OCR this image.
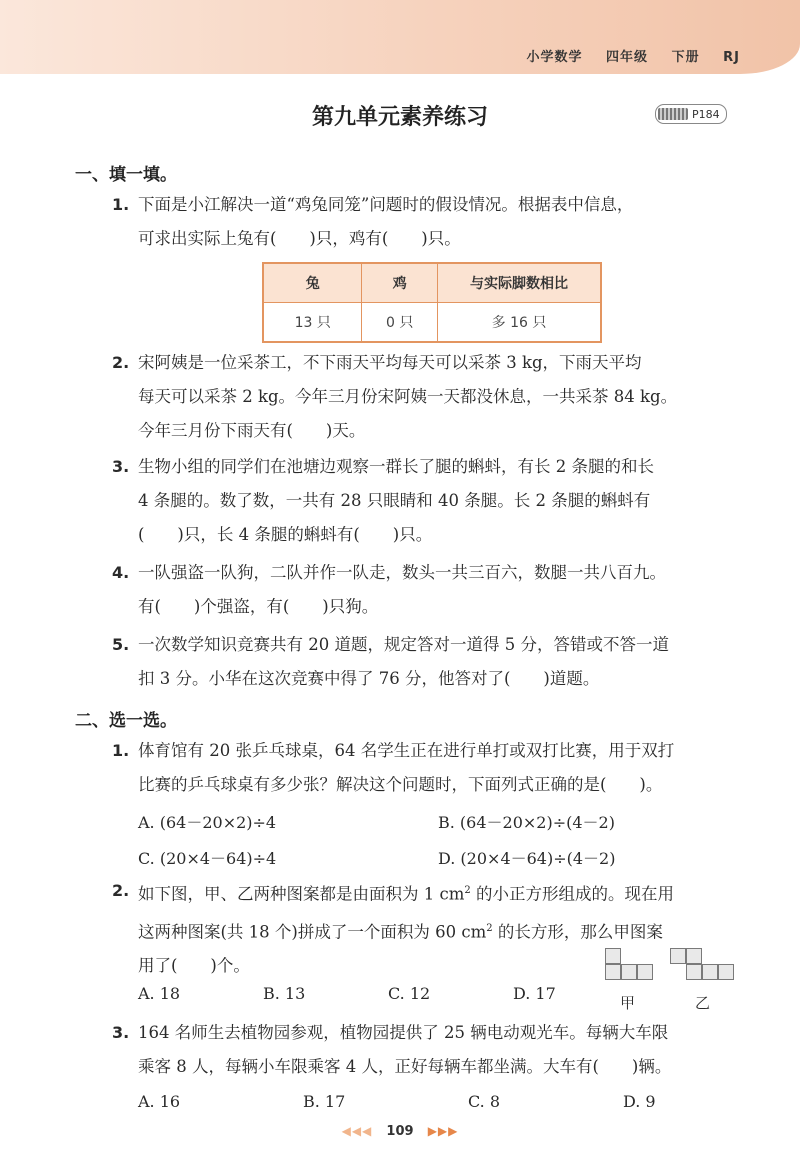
小学数学 四年级 下册 RJ
第九单元素养练习	P184
一、填一填。
1. 下面是小江解决一道“鸡兔同笼”问题时的假设情况。根据表中信息，
可求出实际上兔有(　　)只，鸡有(　　)只。
兔	鸡	与实际脚数相比
13 只	0 只	多 16 只
2. 宋阿姨是一位采茶工，不下雨天平均每天可以采茶 3 kg，下雨天平均
每天可以采茶 2 kg。今年三月份宋阿姨一天都没休息，一共采茶 84 kg。
今年三月份下雨天有(　　)天。
3. 生物小组的同学们在池塘边观察一群长了腿的蝌蚪，有长 2 条腿的和长
4 条腿的。数了数，一共有 28 只眼睛和 40 条腿。长 2 条腿的蝌蚪有
(　　)只，长 4 条腿的蝌蚪有(　　)只。
4. 一队强盗一队狗，二队并作一队走，数头一共三百六，数腿一共八百九。
有(　　)个强盗，有(　　)只狗。
5. 一次数学知识竞赛共有 20 道题，规定答对一道得 5 分，答错或不答一道
扣 3 分。小华在这次竞赛中得了 76 分，他答对了(　　)道题。
二、选一选。
1. 体育馆有 20 张乒乓球桌，64 名学生正在进行单打或双打比赛，用于双打
比赛的乒乓球桌有多少张？解决这个问题时，下面列式正确的是(　　)。
A. (64－20×2)÷4	B. (64－20×2)÷(4－2)
C. (20×4－64)÷4	D. (20×4－64)÷(4－2)
2. 如下图，甲、乙两种图案都是由面积为 1 $cm^2$ 的小正方形组成的。现在用
这两种图案(共 18 个)拼成了一个面积为 60 $cm^2$ 的长方形，那么甲图案
用了(　　)个。
A. 18	B. 13	C. 12	D. 17	甲	乙
3. 164 名师生去植物园参观，植物园提供了 25 辆电动观光车。每辆大车限
乘客 8 人，每辆小车限乘客 4 人，正好每辆车都坐满。大车有(　　)辆。
A. 16	B. 17	C. 8	D. 9
◀◀◀ 109 ▶▶▶
